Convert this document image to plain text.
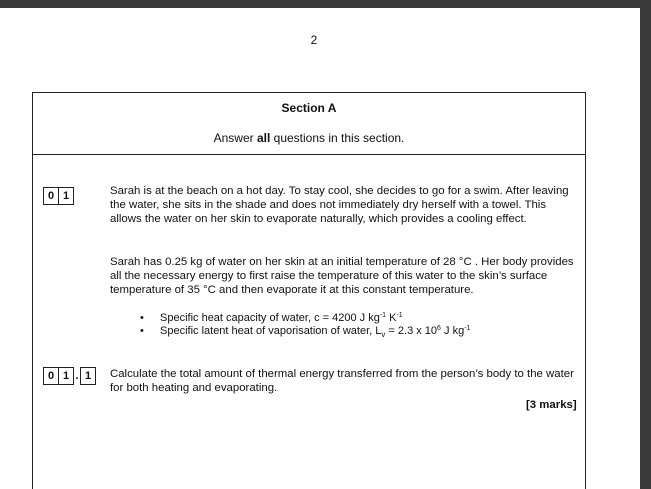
2
Section A
Answer all questions in this section.
0 1	Sarah is at the beach on a hot day. To stay cool, she decides to go for a swim. After leaving the water, she sits in the shade and does not immediately dry herself with a towel. This allows the water on her skin to evaporate naturally, which provides a cooling effect.
Sarah has 0.25 kg of water on her skin at an initial temperature of 28 °C . Her body provides all the necessary energy to first raise the temperature of this water to the skin’s surface temperature of 35 °C and then evaporate it at this constant temperature.
•	Specific heat capacity of water, c = 4200 J $kg^{-1}$ $K^{-1}$
•	Specific latent heat of vaporisation of water, $L_v = 2.3$ x $10^6$ J $kg^{-1}$
0 1 . 1	Calculate the total amount of thermal energy transferred from the person’s body to the water for both heating and evaporating.
[3 marks]
